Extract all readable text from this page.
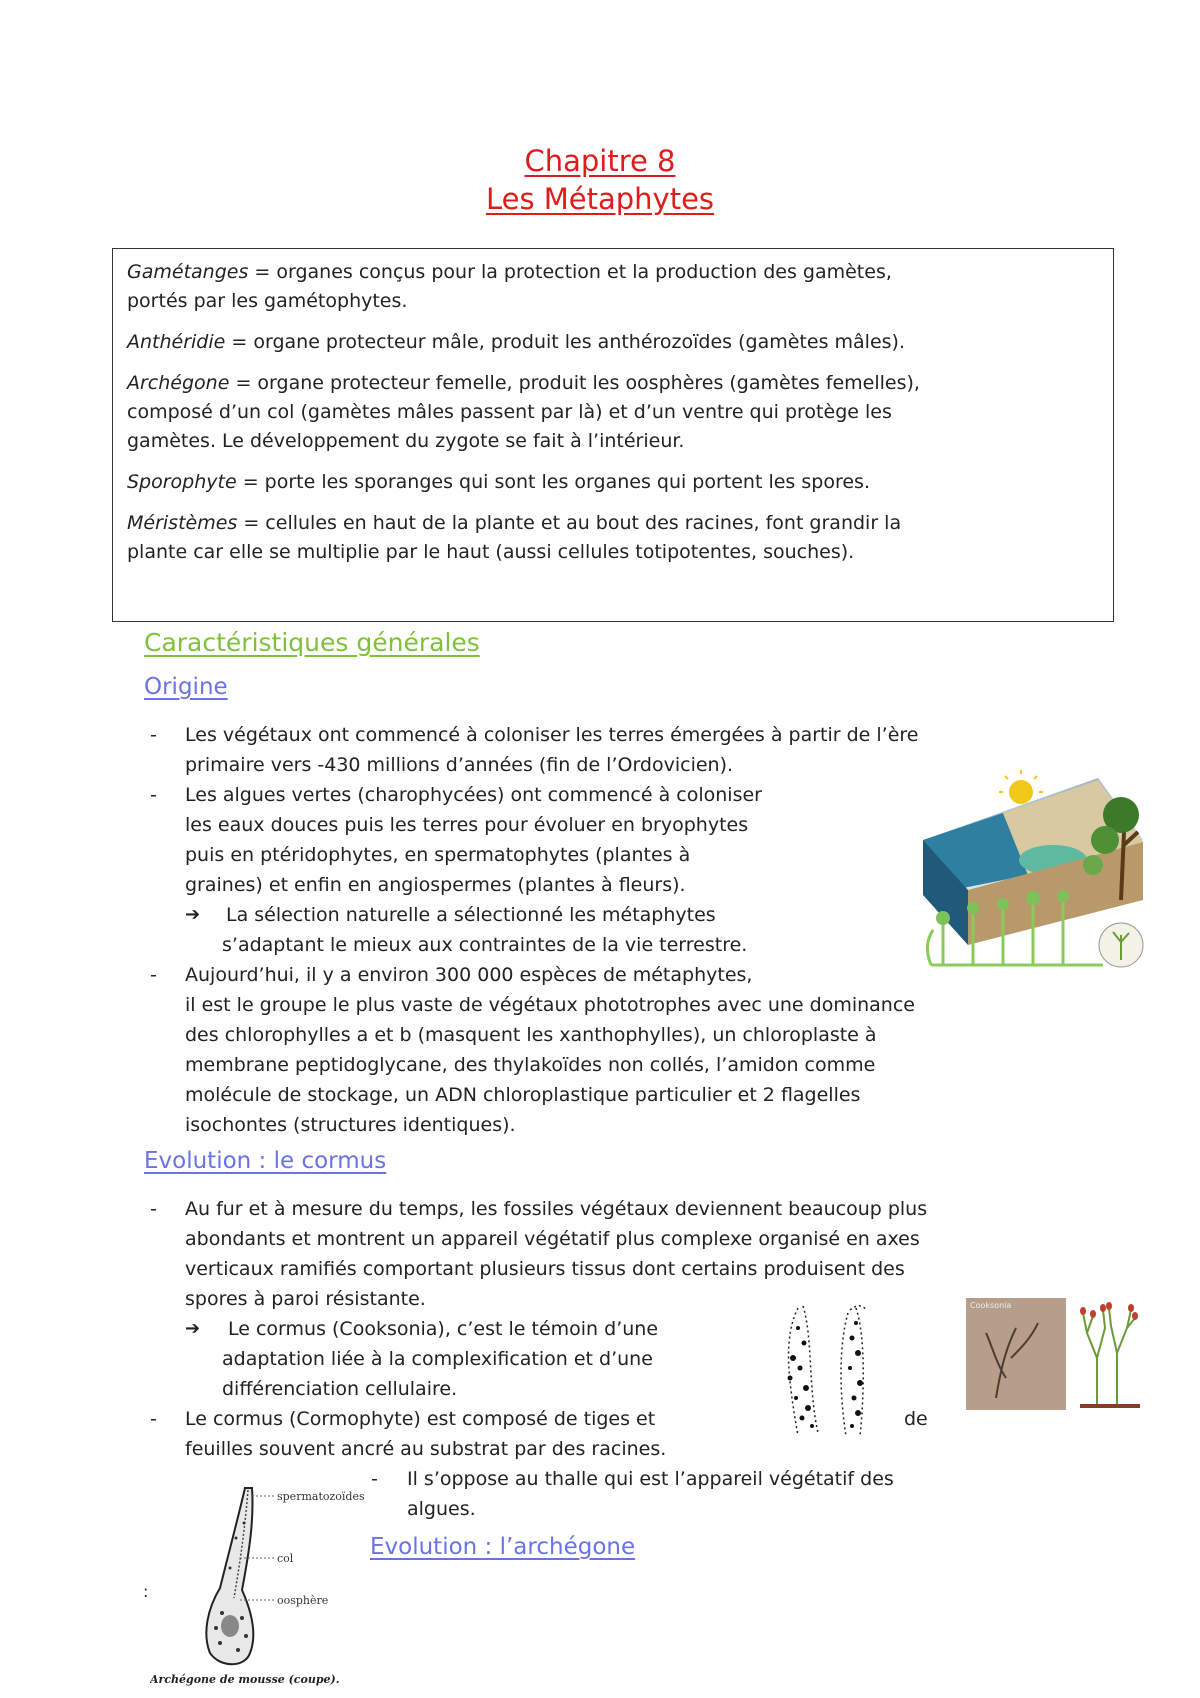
Chapitre 8
Les Métaphytes

Gamétanges = organes conçus pour la protection et la production des gamètes,
portés par les gamétophytes.

Anthéridie = organe protecteur mâle, produit les anthérozoïdes (gamètes mâles).

Archégone = organe protecteur femelle, produit les oosphères (gamètes femelles),
composé d’un col (gamètes mâles passent par là) et d’un ventre qui protège les
gamètes. Le développement du zygote se fait à l’intérieur.

Sporophyte = porte les sporanges qui sont les organes qui portent les spores.

Méristèmes = cellules en haut de la plante et au bout des racines, font grandir la
plante car elle se multiplie par le haut (aussi cellules totipotentes, souches).

Caractéristiques générales
Origine
- Les végétaux ont commencé à coloniser les terres émergées à partir de l’ère
primaire vers -430 millions d’années (fin de l’Ordovicien).
- Les algues vertes (charophycées) ont commencé à coloniser
les eaux douces puis les terres pour évoluer en bryophytes
puis en ptéridophytes, en spermatophytes (plantes à
graines) et enfin en angiospermes (plantes à fleurs).
➔ La sélection naturelle a sélectionné les métaphytes
s’adaptant le mieux aux contraintes de la vie terrestre.
- Aujourd’hui, il y a environ 300 000 espèces de métaphytes,
il est le groupe le plus vaste de végétaux phototrophes avec une dominance
des chlorophylles a et b (masquent les xanthophylles), un chloroplaste à
membrane peptidoglycane, des thylakoïdes non collés, l’amidon comme
molécule de stockage, un ADN chloroplastique particulier et 2 flagelles
isochontes (structures identiques).
Evolution : le cormus
- Au fur et à mesure du temps, les fossiles végétaux deviennent beaucoup plus
abondants et montrent un appareil végétatif plus complexe organisé en axes
verticaux ramifiés comportant plusieurs tissus dont certains produisent des
spores à paroi résistante.
➔ Le cormus (Cooksonia), c’est le témoin d’une
adaptation liée à la complexification et d’une
différenciation cellulaire.
- Le cormus (Cormophyte) est composé de tiges et	de
feuilles souvent ancré au substrat par des racines.
- Il s’oppose au thalle qui est l’appareil végétatif des
algues.
Cooksonia
Evolution : l’archégone
:
spermatozoïdes
col
oosphère
Archégone de mousse (coupe).
